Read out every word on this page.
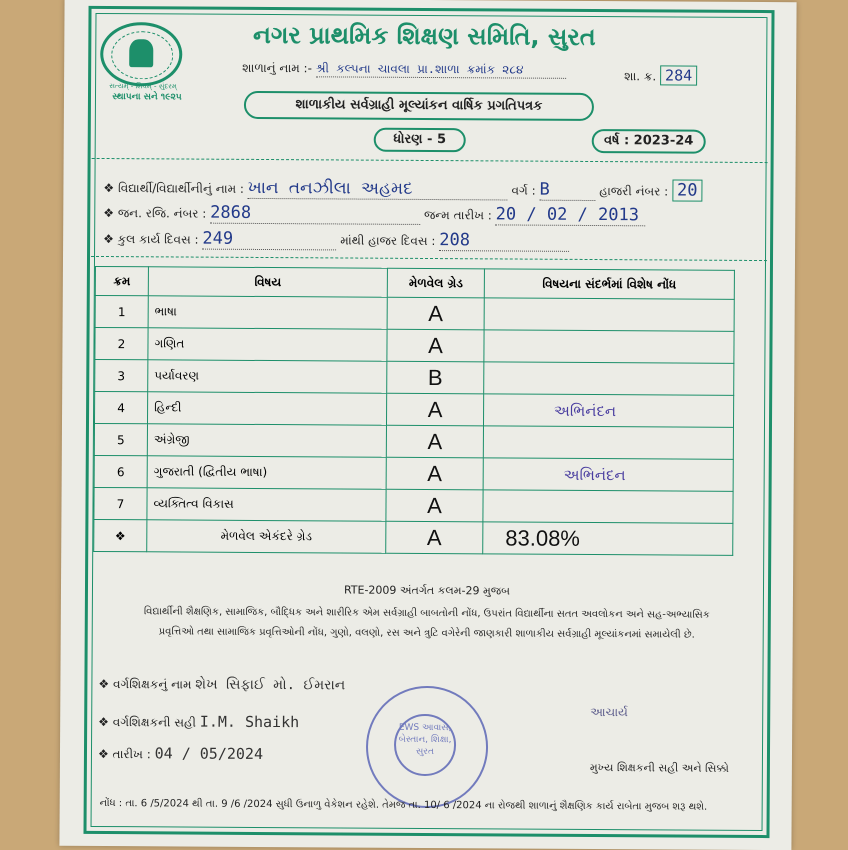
સત્યમ્ - શિવમ્ - સુંદરમ્
સ્થાપના સને ૧૯૨૫
નગર પ્રાથમિક શિક્ષણ સમિતિ, સુરત
શાળાનું નામ :- શ્રી કલ્પના ચાવલા પ્રા.શાળા ક્રમાંક ૨૮૪	શા. ક્ર. 284
શાળાકીય સર્વગ્રાહી મૂલ્યાંકન વાર્ષિક પ્રગતિપત્રક
ધોરણ - 5	વર્ષ : 2023-24
❖ વિદ્યાર્થી/વિદ્યાર્થીનીનું નામ : ખાન તનઝીલા અહમદ	વર્ગ : B	હાજરી નંબર : 20
❖ જન. રજિ. નંબર : 2868	જન્મ તારીખ : 20 / 02 / 2013
❖ કુલ કાર્ય દિવસ : 249	માંથી હાજર દિવસ : 208
ક્રમ	વિષય	મેળવેલ ગ્રેડ	વિષયના સંદર્ભમાં વિશેષ નોંધ
1	ભાષા	A	
2	ગણિત	A	
3	પર્યાવરણ	B	
4	હિન્દી	A	અભિનંદન
5	અંગ્રેજી	A	
6	ગુજરાતી (દ્વિતીય ભાષા)	A	અભિનંદન
7	વ્યક્તિત્વ વિકાસ	A	
❖	મેળવેલ એકંદરે ગ્રેડ	A	83.08%
RTE-2009 અંતર્ગત કલમ-29 મુજબ
વિદ્યાર્થીની શૈક્ષણિક, સામાજિક, બૌદ્ધિક અને શારીરિક એમ સર્વગ્રાહી બાબતોની નોંધ, ઉપરાંત વિદ્યાર્થીના સતત અવલોકન અને સહ-અભ્યાસિક
પ્રવૃત્તિઓ તથા સામાજિક પ્રવૃત્તિઓની નોંધ, ગુણો, વલણો, રસ અને ત્રુટિ વગેરેની જાણકારી શાળાકીય સર્વગ્રાહી મૂલ્યાંકનમાં સમાયેલી છે.
❖ વર્ગશિક્ષકનું નામ શેખ સિફાઈ મો. ઈમરાન
❖ વર્ગશિક્ષકની સહી I.M. Shaikh
❖ તારીખ : 04 / 05/2024
EWS આવાસ, બેસ્તાન, શિક્ષા, સુરત
આચાર્ય
મુખ્ય શિક્ષકની સહી અને સિક્કો
નોંધ : તા. 6 /5/2024 થી તા. 9 /6 /2024 સુધી ઉનાળુ વેકેશન રહેશે. તેમજ તા. 10/ 6 /2024 ના રોજથી શાળાનું શૈક્ષણિક કાર્ય રાબેતા મુજબ શરૂ થશે.
